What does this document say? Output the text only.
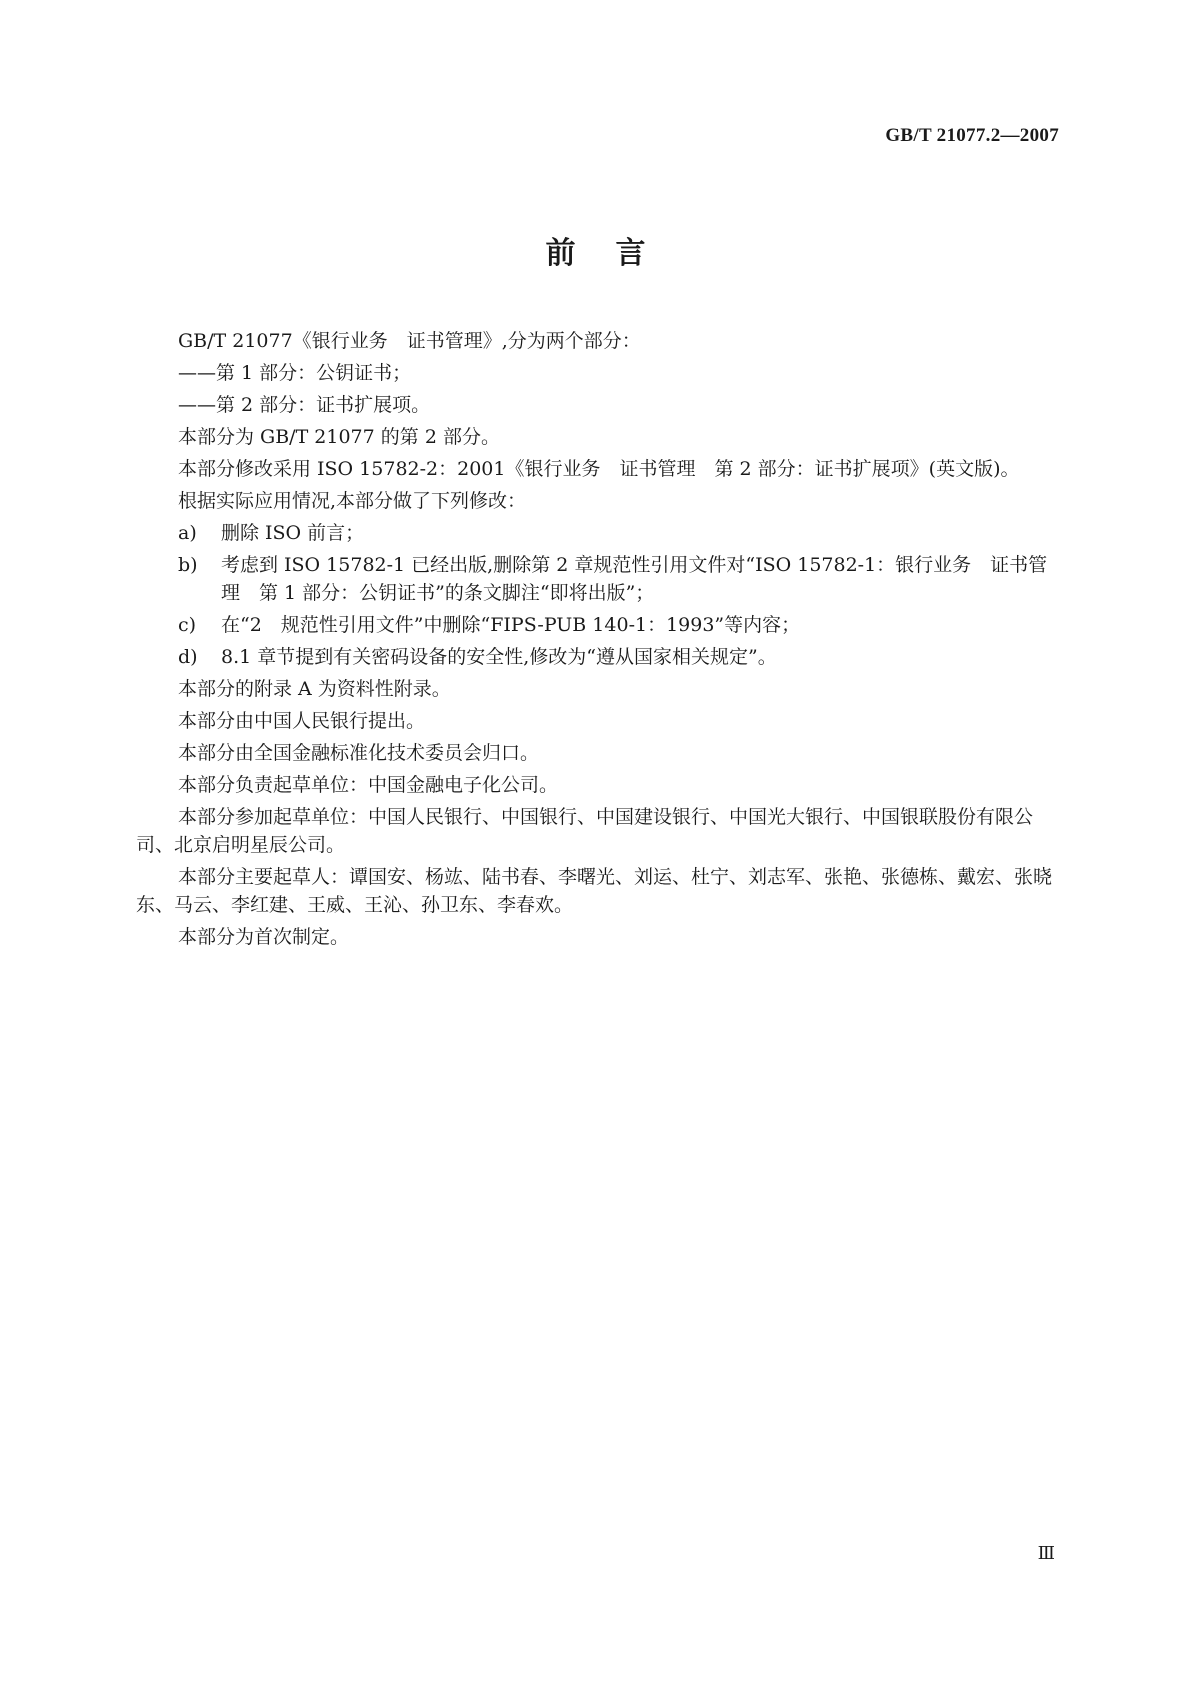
GB/T 21077.2—2007
前言

GB/T 21077《银行业务　证书管理》,分为两个部分：

——第 1 部分：公钥证书；

——第 2 部分：证书扩展项。

本部分为 GB/T 21077 的第 2 部分。

本部分修改采用 ISO 15782-2：2001《银行业务　证书管理　第 2 部分：证书扩展项》(英文版)。

根据实际应用情况,本部分做了下列修改：

a) 删除 ISO 前言；

b) 考虑到 ISO 15782-1 已经出版,删除第 2 章规范性引用文件对“ISO 15782-1：银行业务　证书管理　第 1 部分：公钥证书”的条文脚注“即将出版”；

c) 在“2　规范性引用文件”中删除“FIPS-PUB 140-1：1993”等内容；

d) 8.1 章节提到有关密码设备的安全性,修改为“遵从国家相关规定”。

本部分的附录 A 为资料性附录。

本部分由中国人民银行提出。

本部分由全国金融标准化技术委员会归口。

本部分负责起草单位：中国金融电子化公司。

本部分参加起草单位：中国人民银行、中国银行、中国建设银行、中国光大银行、中国银联股份有限公司、北京启明星辰公司。

本部分主要起草人：谭国安、杨竑、陆书春、李曙光、刘运、杜宁、刘志军、张艳、张德栋、戴宏、张晓东、马云、李红建、王威、王沁、孙卫东、李春欢。

本部分为首次制定。

Ⅲ
